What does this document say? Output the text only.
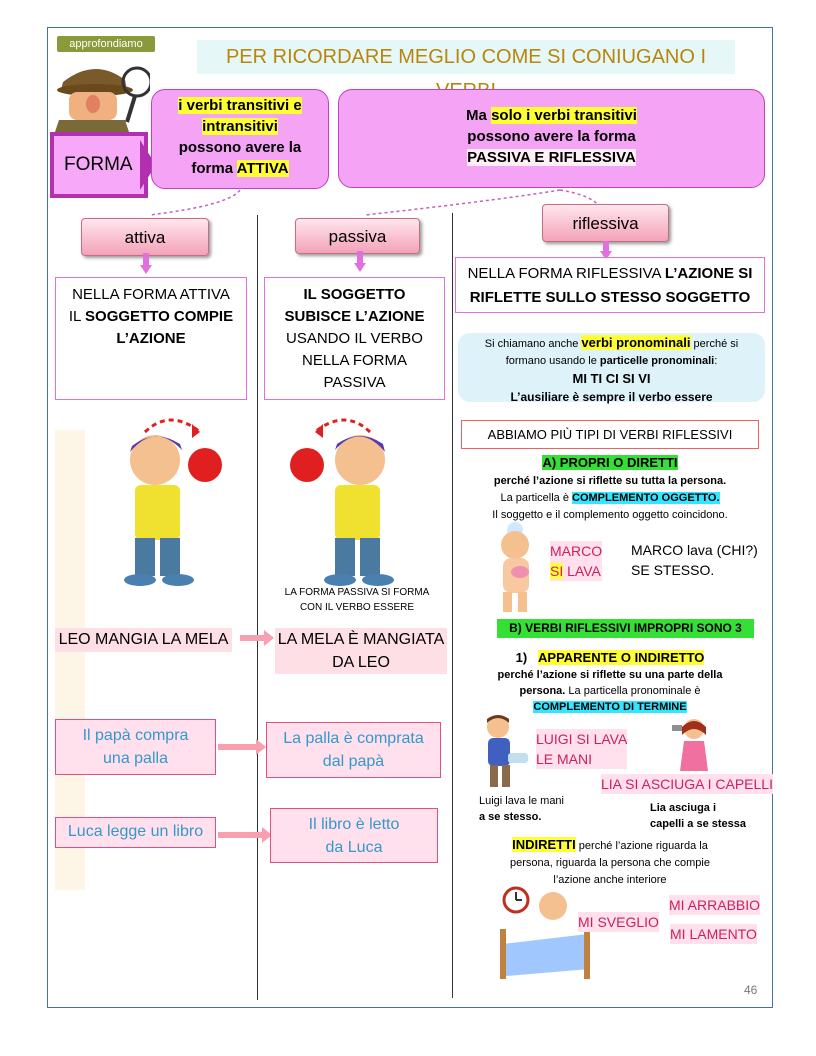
approfondiamo
PER RICORDARE MEGLIO COME SI CONIUGANO I
FORMA
i verbi transitivi e
intransitivi
possono avere la
forma ATTIVA
Ma solo i verbi transitivi
possono avere la forma
PASSIVA E RIFLESSIVA
attiva	passiva
riflessiva
NELLA FORMA ATTIVA
IL SOGGETTO COMPIE
L’AZIONE
IL SOGGETTO
SUBISCE L’AZIONE
USANDO IL VERBO
NELLA FORMA
PASSIVA
NELLA FORMA RIFLESSIVA L’AZIONE SI
RIFLETTE SULLO STESSO SOGGETTO
LA FORMA PASSIVA SI FORMA
CON IL VERBO ESSERE
Si chiamano anche verbi pronominali perché si
formano usando le particelle pronominali:
MI TI CI SI VI
L’ausiliare è sempre il verbo essere
ABBIAMO PIÙ TIPI DI VERBI RIFLESSIVI
A) PROPRI O DIRETTI
perché l’azione si riflette su tutta la persona.
La particella è COMPLEMENTO OGGETTO.
Il soggetto e il complemento oggetto coincidono.
MARCO
SI LAVA
MARCO lava (CHI?)
SE STESSO.
LEO MANGIA LA MELA	LA MELA È MANGIATA
DA LEO
Il papà compra
una palla
La palla è comprata
dal papà
Luca legge un libro	Il libro è letto
da Luca
B) VERBI RIFLESSIVI IMPROPRI SONO 3
1) APPARENTE O INDIRETTO
perché l’azione si riflette su una parte della
persona. La particella pronominale è
COMPLEMENTO DI TERMINE
LUIGI SI LAVA
LE MANI
LIA SI ASCIUGA I CAPELLI
Luigi lava le mani
a se stesso.
Lia asciuga i
capelli a se stessa
INDIRETTI perché l’azione riguarda la
persona, riguarda la persona che compie
l’azione anche interiore
MI SVEGLIO
MI ARRABBIO
MI LAMENTO
46
